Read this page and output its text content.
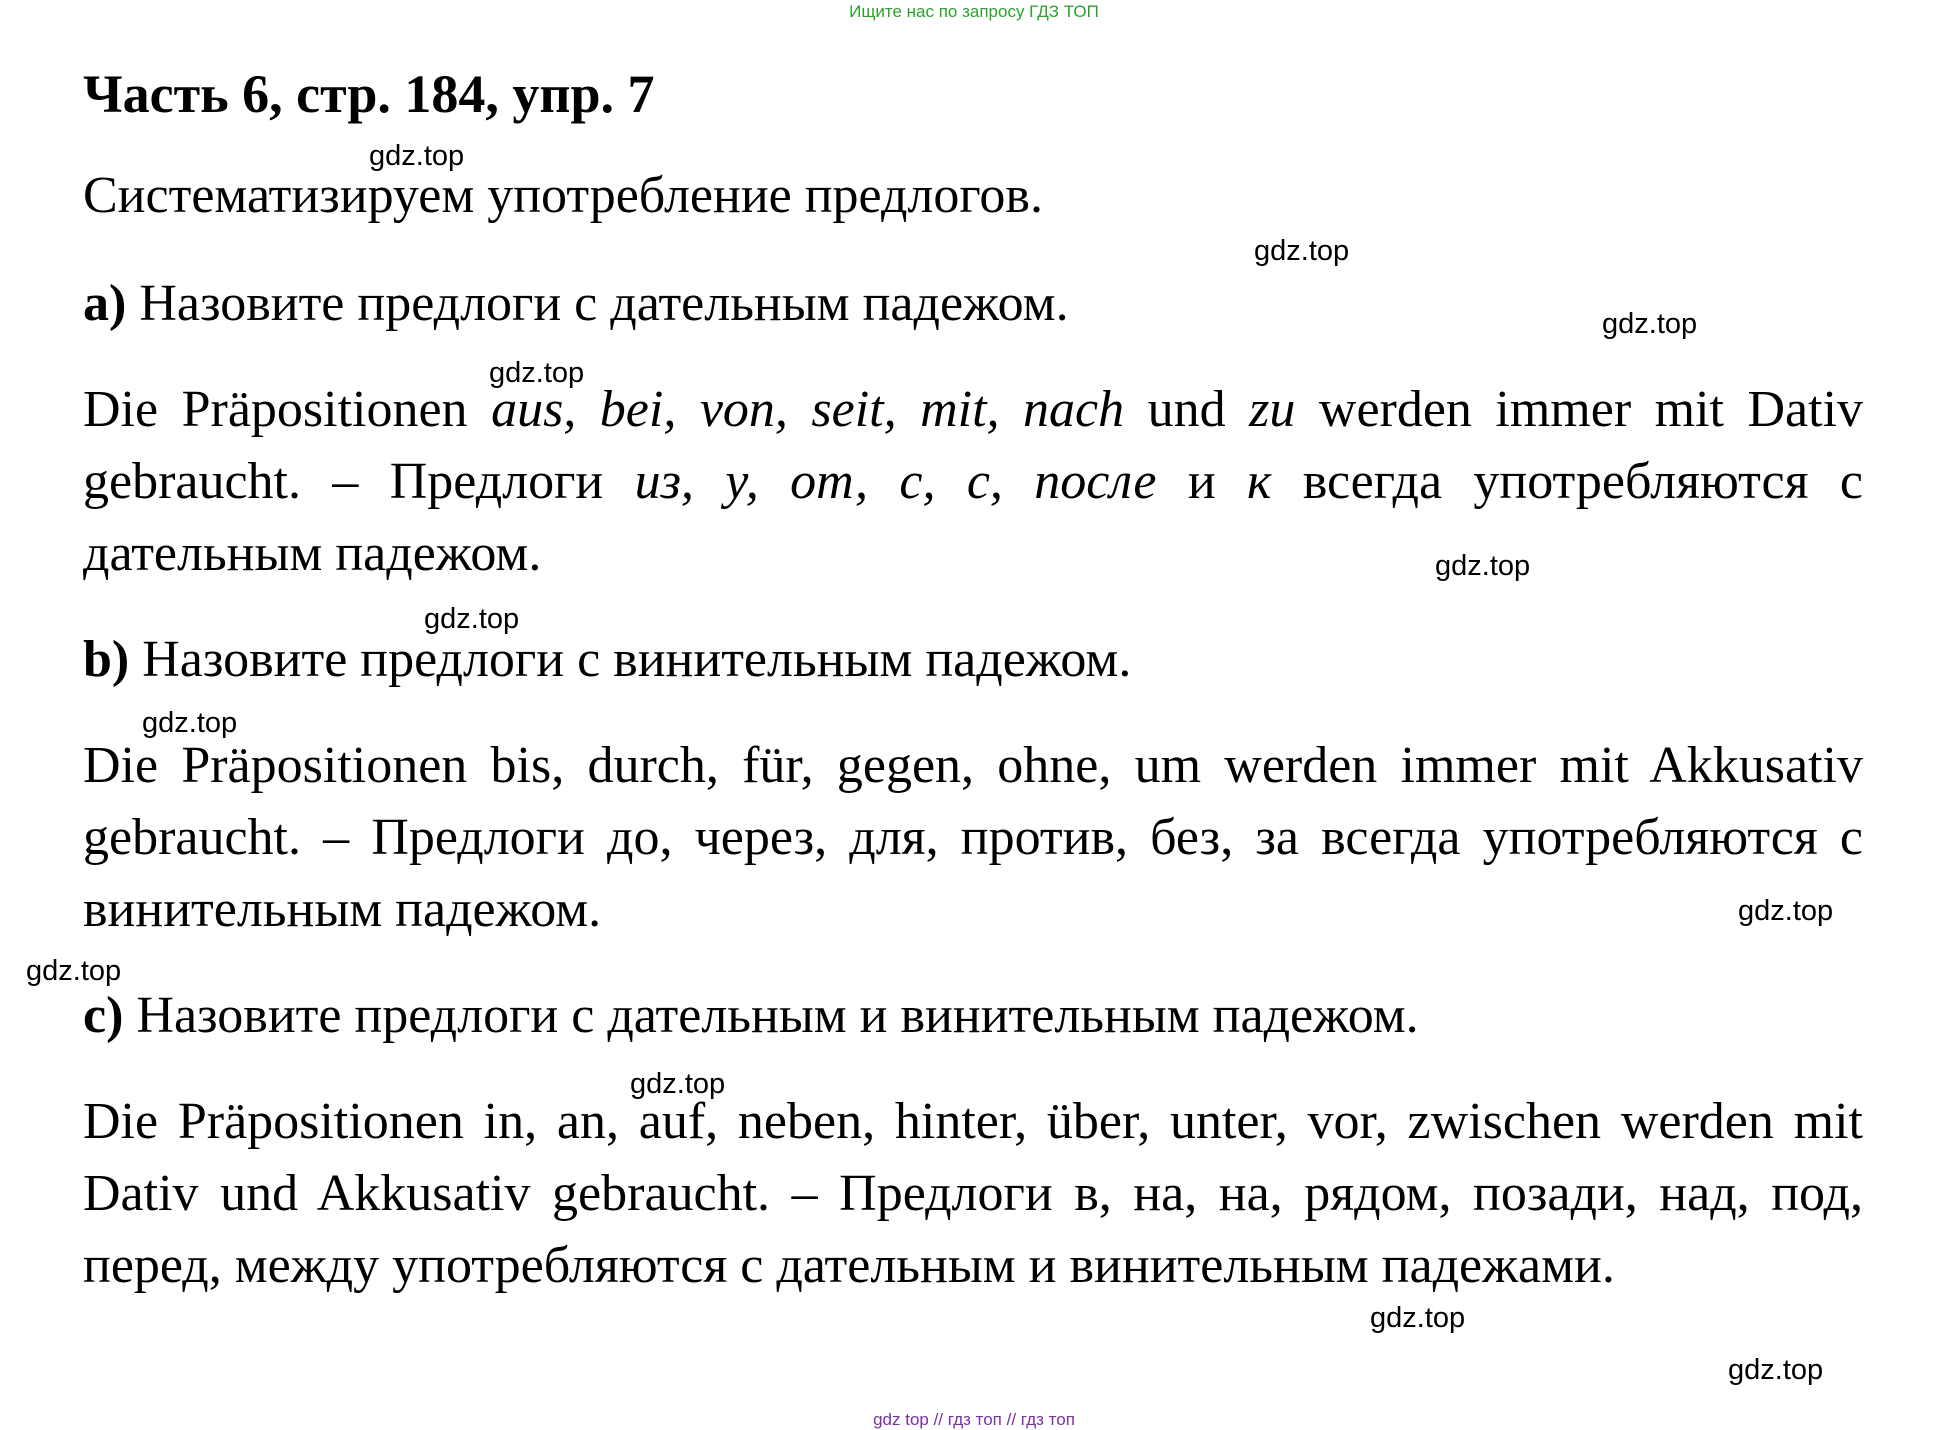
Ищите нас по запросу ГДЗ ТОП
Часть 6, стр. 184, упр. 7
Систематизируем употребление предлогов.
a) Назовите предлоги с дательным падежом.
Die Präpositionen aus, bei, von, seit, mit, nach und zu werden immer mit Dativ gebraucht. – Предлоги из, у, от, с, с, после и к всегда употребляются с дательным падежом.
b) Назовите предлоги с винительным падежом.
Die Präpositionen bis, durch, für, gegen, ohne, um werden immer mit Akkusativ gebraucht. – Предлоги до, через, для, против, без, за всегда употребляются с винительным падежом.
c) Назовите предлоги с дательным и винительным падежом.
Die Präpositionen in, an, auf, neben, hinter, über, unter, vor, zwischen werden mit Dativ und Akkusativ gebraucht. – Предлоги в, на, на, рядом, позади, над, под, перед, между употребляются с дательным и винительным падежами.
gdz.top
gdz.top
gdz.top
gdz.top
gdz.top
gdz.top
gdz.top
gdz.top
gdz.top
gdz.top
gdz.top
gdz.top
gdz top // гдз топ // гдз топ
